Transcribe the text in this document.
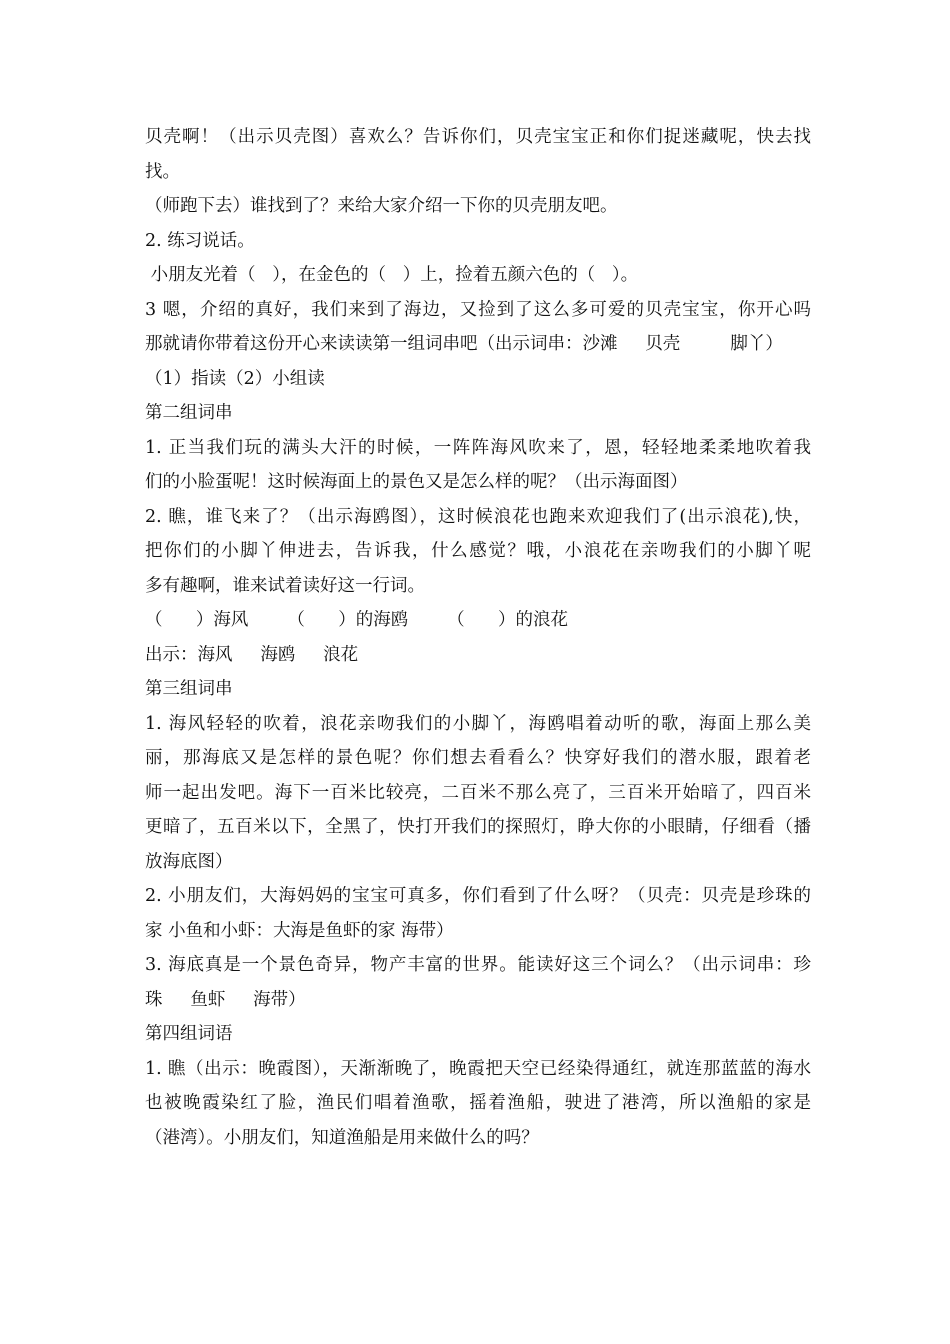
贝壳啊！（出示贝壳图）喜欢么？告诉你们，贝壳宝宝正和你们捉迷藏呢，快去找
找。
（师跑下去）谁找到了？来给大家介绍一下你的贝壳朋友吧。
2. 练习说话。
小朋友光着（   ），在金色的（   ）上，捡着五颜六色的（   ）。
3 嗯，介绍的真好，我们来到了海边，又捡到了这么多可爱的贝壳宝宝，你开心吗
那就请你带着这份开心来读读第一组词串吧（出示词串：沙滩     贝壳         脚丫）
（1）指读（2）小组读
第二组词串
1. 正当我们玩的满头大汗的时候，一阵阵海风吹来了，恩，轻轻地柔柔地吹着我
们的小脸蛋呢！这时候海面上的景色又是怎么样的呢？（出示海面图）
2. 瞧，谁飞来了？（出示海鸥图），这时候浪花也跑来欢迎我们了(出示浪花),快，
把你们的小脚丫伸进去，告诉我，什么感觉？哦，小浪花在亲吻我们的小脚丫呢
多有趣啊，谁来试着读好这一行词。
（      ）海风       （      ）的海鸥       （      ）的浪花
出示：海风     海鸥     浪花
第三组词串
1. 海风轻轻的吹着，浪花亲吻我们的小脚丫，海鸥唱着动听的歌，海面上那么美
丽，那海底又是怎样的景色呢？你们想去看看么？快穿好我们的潜水服，跟着老
师一起出发吧。海下一百米比较亮，二百米不那么亮了，三百米开始暗了，四百米
更暗了，五百米以下，全黑了，快打开我们的探照灯，睁大你的小眼睛，仔细看（播
放海底图）
2. 小朋友们，大海妈妈的宝宝可真多，你们看到了什么呀？（贝壳：贝壳是珍珠的
家 小鱼和小虾：大海是鱼虾的家 海带）
3. 海底真是一个景色奇异，物产丰富的世界。能读好这三个词么？（出示词串：珍
珠     鱼虾     海带）
第四组词语
1. 瞧（出示：晚霞图），天渐渐晚了，晚霞把天空已经染得通红，就连那蓝蓝的海水
也被晚霞染红了脸，渔民们唱着渔歌，摇着渔船，驶进了港湾，所以渔船的家是
（港湾）。小朋友们，知道渔船是用来做什么的吗？
